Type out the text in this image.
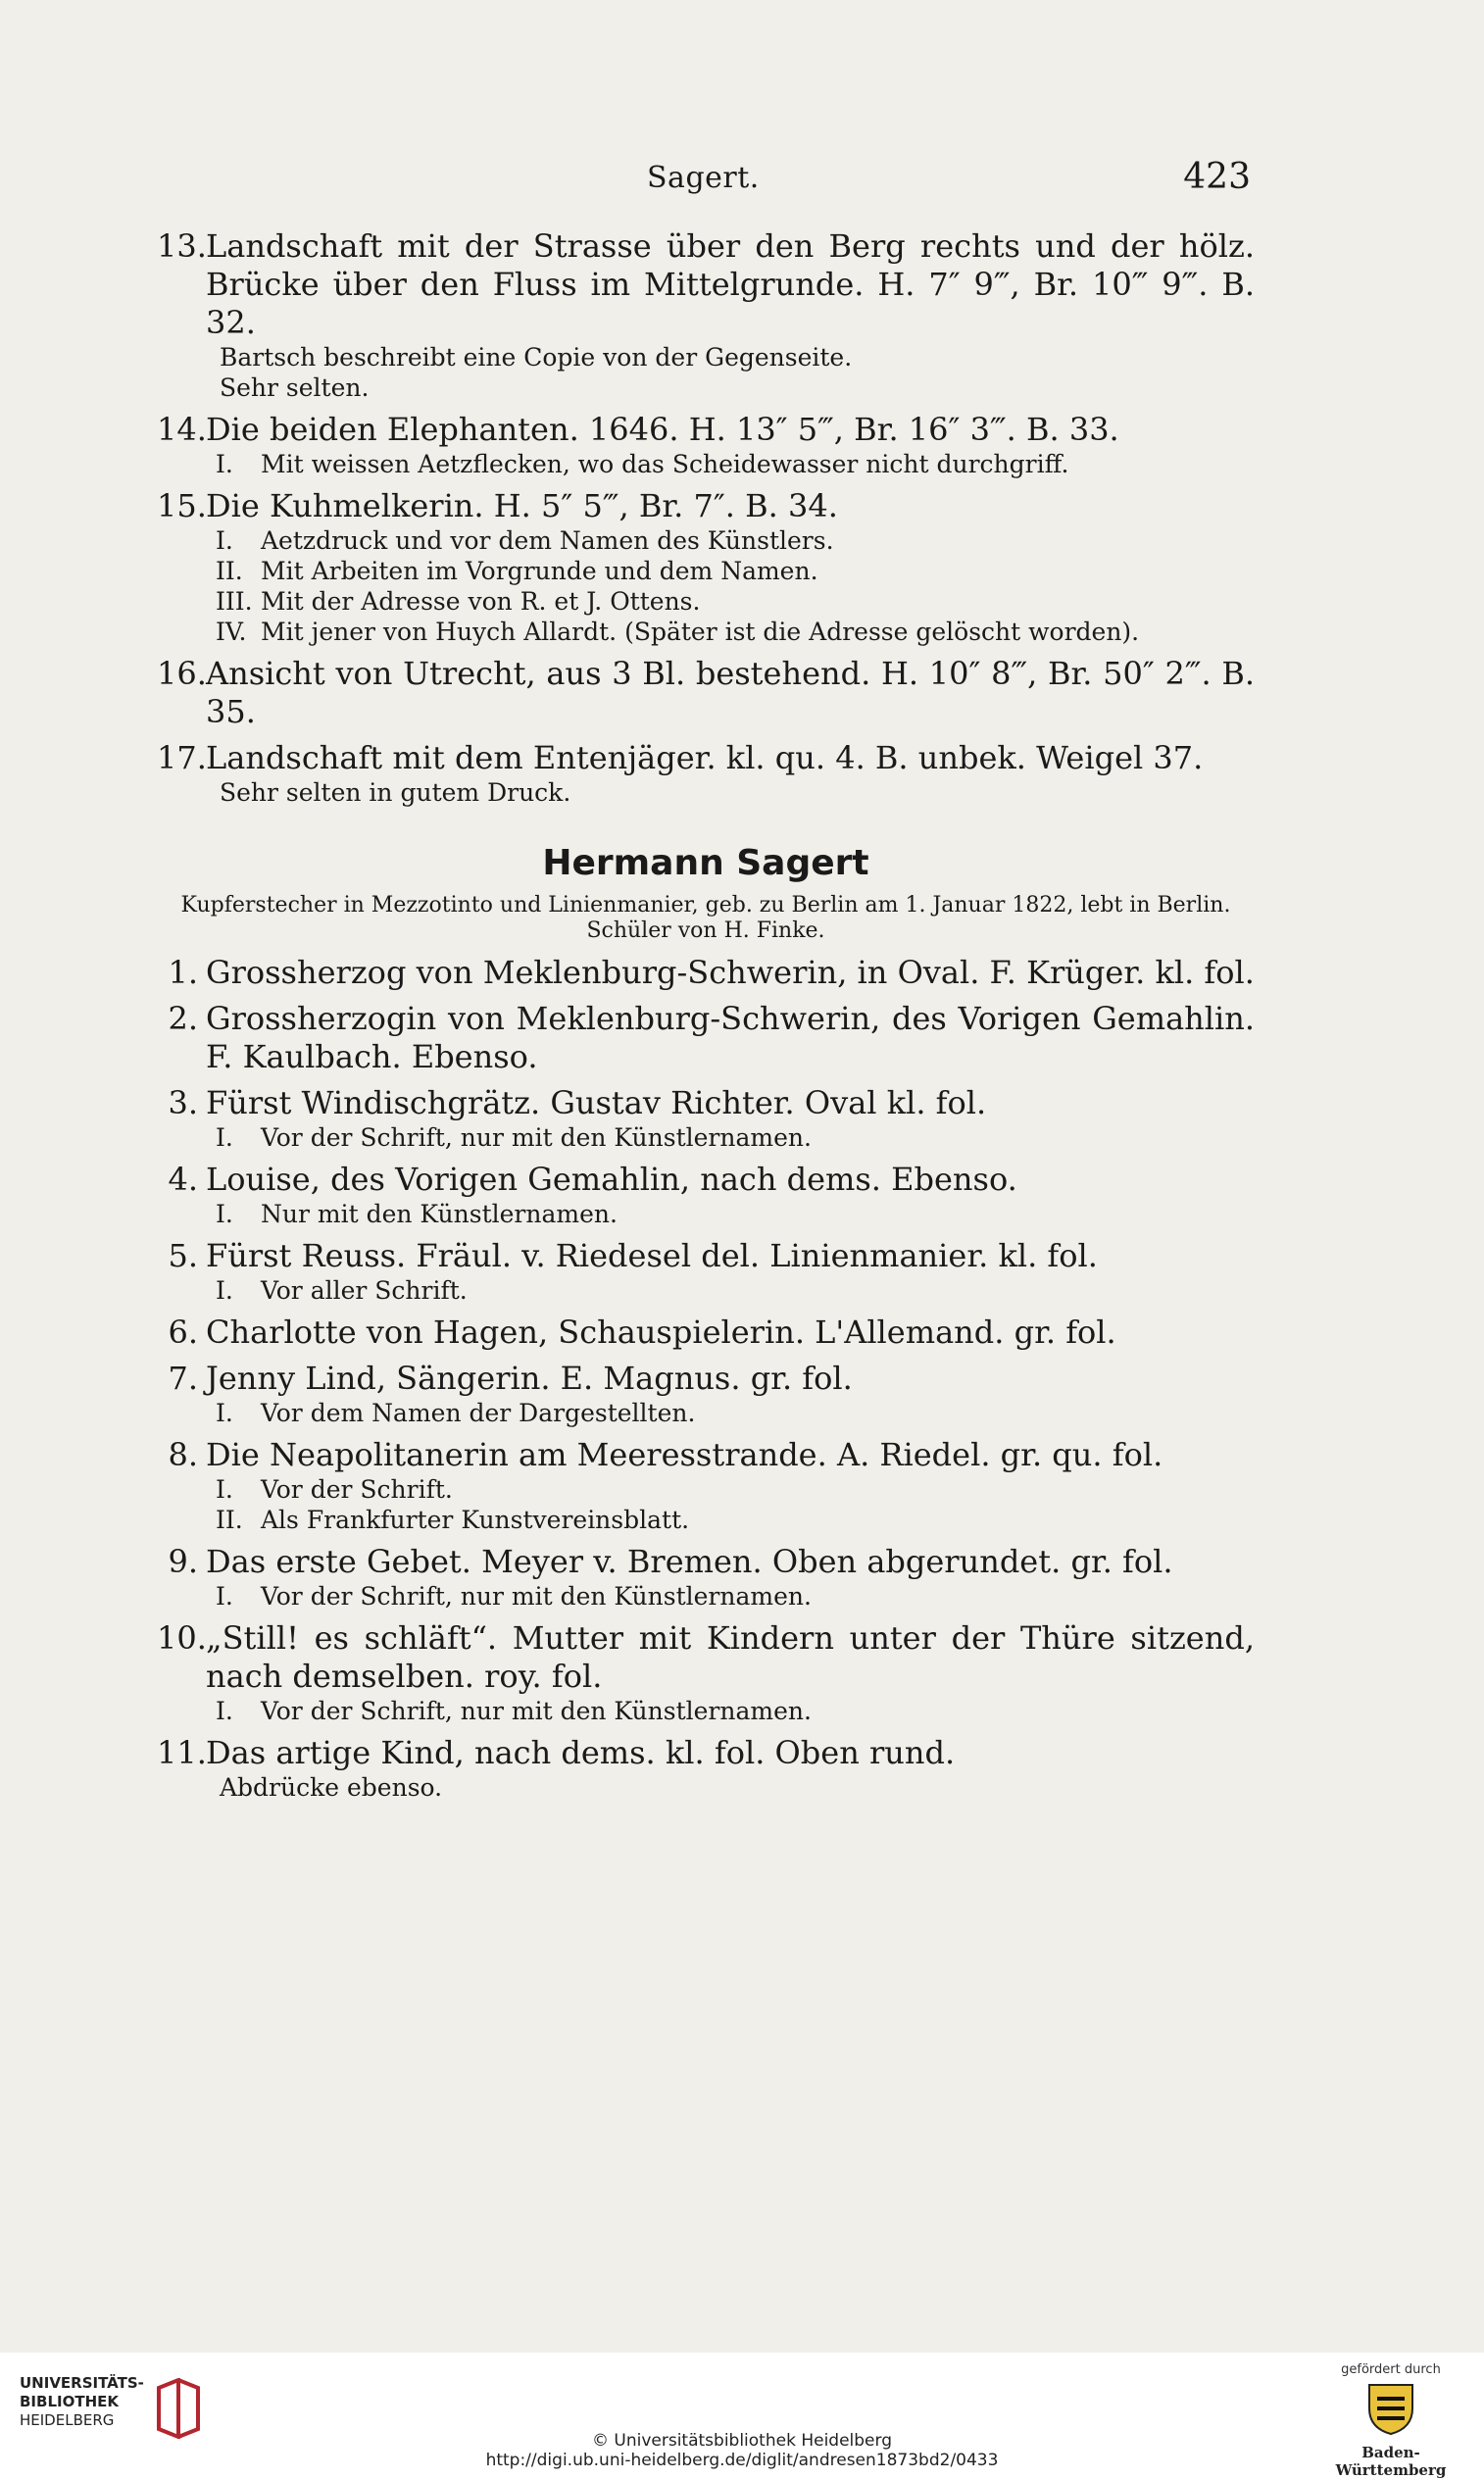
Sagert.	423
13.Landschaft mit der Strasse über den Berg rechts und der hölz. Brücke über den Fluss im Mittelgrunde. H. 7″ 9‴, Br. 10‴ 9‴. B. 32.
Bartsch beschreibt eine Copie von der Gegenseite.
Sehr selten.
14.Die beiden Elephanten. 1646. H. 13″ 5‴, Br. 16″ 3‴. B. 33.
I. Mit weissen Aetzflecken, wo das Scheidewasser nicht durchgriff.
15.Die Kuhmelkerin. H. 5″ 5‴, Br. 7″. B. 34.
I. Aetzdruck und vor dem Namen des Künstlers.
II. Mit Arbeiten im Vorgrunde und dem Namen.
III. Mit der Adresse von R. et J. Ottens.
IV. Mit jener von Huych Allardt. (Später ist die Adresse gelöscht worden).
16.Ansicht von Utrecht, aus 3 Bl. bestehend. H. 10″ 8‴, Br. 50″ 2‴. B. 35.
17.Landschaft mit dem Entenjäger. kl. qu. 4. B. unbek. Weigel 37.
Sehr selten in gutem Druck.
Hermann Sagert
Kupferstecher in Mezzotinto und Linienmanier, geb. zu Berlin am 1. Januar 1822, lebt in Berlin. Schüler von H. Finke.
1. Grossherzog von Meklenburg-Schwerin, in Oval. F. Krüger. kl. fol.
2. Grossherzogin von Meklenburg-Schwerin, des Vorigen Gemahlin. F. Kaulbach. Ebenso.
3. Fürst Windischgrätz. Gustav Richter. Oval kl. fol.
I. Vor der Schrift, nur mit den Künstlernamen.
4. Louise, des Vorigen Gemahlin, nach dems. Ebenso.
I. Nur mit den Künstlernamen.
5. Fürst Reuss. Fräul. v. Riedesel del. Linienmanier. kl. fol.
I. Vor aller Schrift.
6. Charlotte von Hagen, Schauspielerin. L'Allemand. gr. fol.
7. Jenny Lind, Sängerin. E. Magnus. gr. fol.
I. Vor dem Namen der Dargestellten.
8. Die Neapolitanerin am Meeresstrande. A. Riedel. gr. qu. fol.
I. Vor der Schrift.
II. Als Frankfurter Kunstvereinsblatt.
9. Das erste Gebet. Meyer v. Bremen. Oben abgerundet. gr. fol.
I. Vor der Schrift, nur mit den Künstlernamen.
10.„Still! es schläft“. Mutter mit Kindern unter der Thüre sitzend, nach demselben. roy. fol.
I. Vor der Schrift, nur mit den Künstlernamen.
11.Das artige Kind, nach dems. kl. fol. Oben rund.
Abdrücke ebenso.
UNIVERSITÄTS-
BIBLIOTHEK
HEIDELBERG
© Universitätsbibliothek Heidelberg
http://digi.ub.uni-heidelberg.de/diglit/andresen1873bd2/0433
gefördert durch
Baden-Württemberg
